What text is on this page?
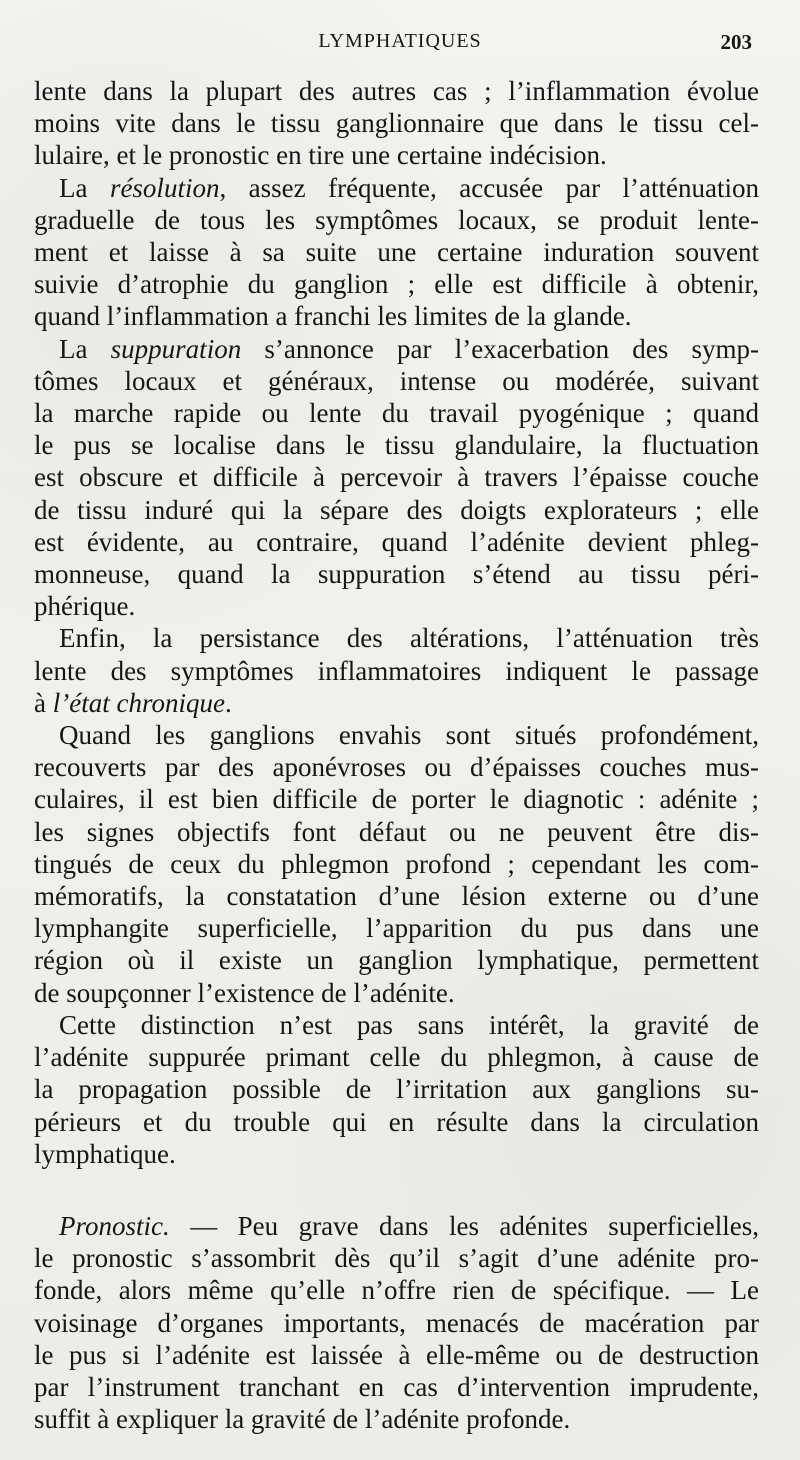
LYMPHATIQUES	203
lente dans la plupart des autres cas ; l’inflammation évolue
moins vite dans le tissu ganglionnaire que dans le tissu cel-
lulaire, et le pronostic en tire une certaine indécision.
La résolution, assez fréquente, accusée par l’atténuation
graduelle de tous les symptômes locaux, se produit lente-
ment et laisse à sa suite une certaine induration souvent
suivie d’atrophie du ganglion ; elle est difficile à obtenir,
quand l’inflammation a franchi les limites de la glande.
La suppuration s’annonce par l’exacerbation des symp-
tômes locaux et généraux, intense ou modérée, suivant
la marche rapide ou lente du travail pyogénique ; quand
le pus se localise dans le tissu glandulaire, la fluctuation
est obscure et difficile à percevoir à travers l’épaisse couche
de tissu induré qui la sépare des doigts explorateurs ; elle
est évidente, au contraire, quand l’adénite devient phleg-
monneuse, quand la suppuration s’étend au tissu péri-
phérique.
Enfin, la persistance des altérations, l’atténuation très
lente des symptômes inflammatoires indiquent le passage
à l’état chronique.
Quand les ganglions envahis sont situés profondément,
recouverts par des aponévroses ou d’épaisses couches mus-
culaires, il est bien difficile de porter le diagnotic : adénite ;
les signes objectifs font défaut ou ne peuvent être dis-
tingués de ceux du phlegmon profond ; cependant les com-
mémoratifs, la constatation d’une lésion externe ou d’une
lymphangite superficielle, l’apparition du pus dans une
région où il existe un ganglion lymphatique, permettent
de soupçonner l’existence de l’adénite.
Cette distinction n’est pas sans intérêt, la gravité de
l’adénite suppurée primant celle du phlegmon, à cause de
la propagation possible de l’irritation aux ganglions su-
périeurs et du trouble qui en résulte dans la circulation
lymphatique.
Pronostic. — Peu grave dans les adénites superficielles,
le pronostic s’assombrit dès qu’il s’agit d’une adénite pro-
fonde, alors même qu’elle n’offre rien de spécifique. — Le
voisinage d’organes importants, menacés de macération par
le pus si l’adénite est laissée à elle-même ou de destruction
par l’instrument tranchant en cas d’intervention imprudente,
suffit à expliquer la gravité de l’adénite profonde.
